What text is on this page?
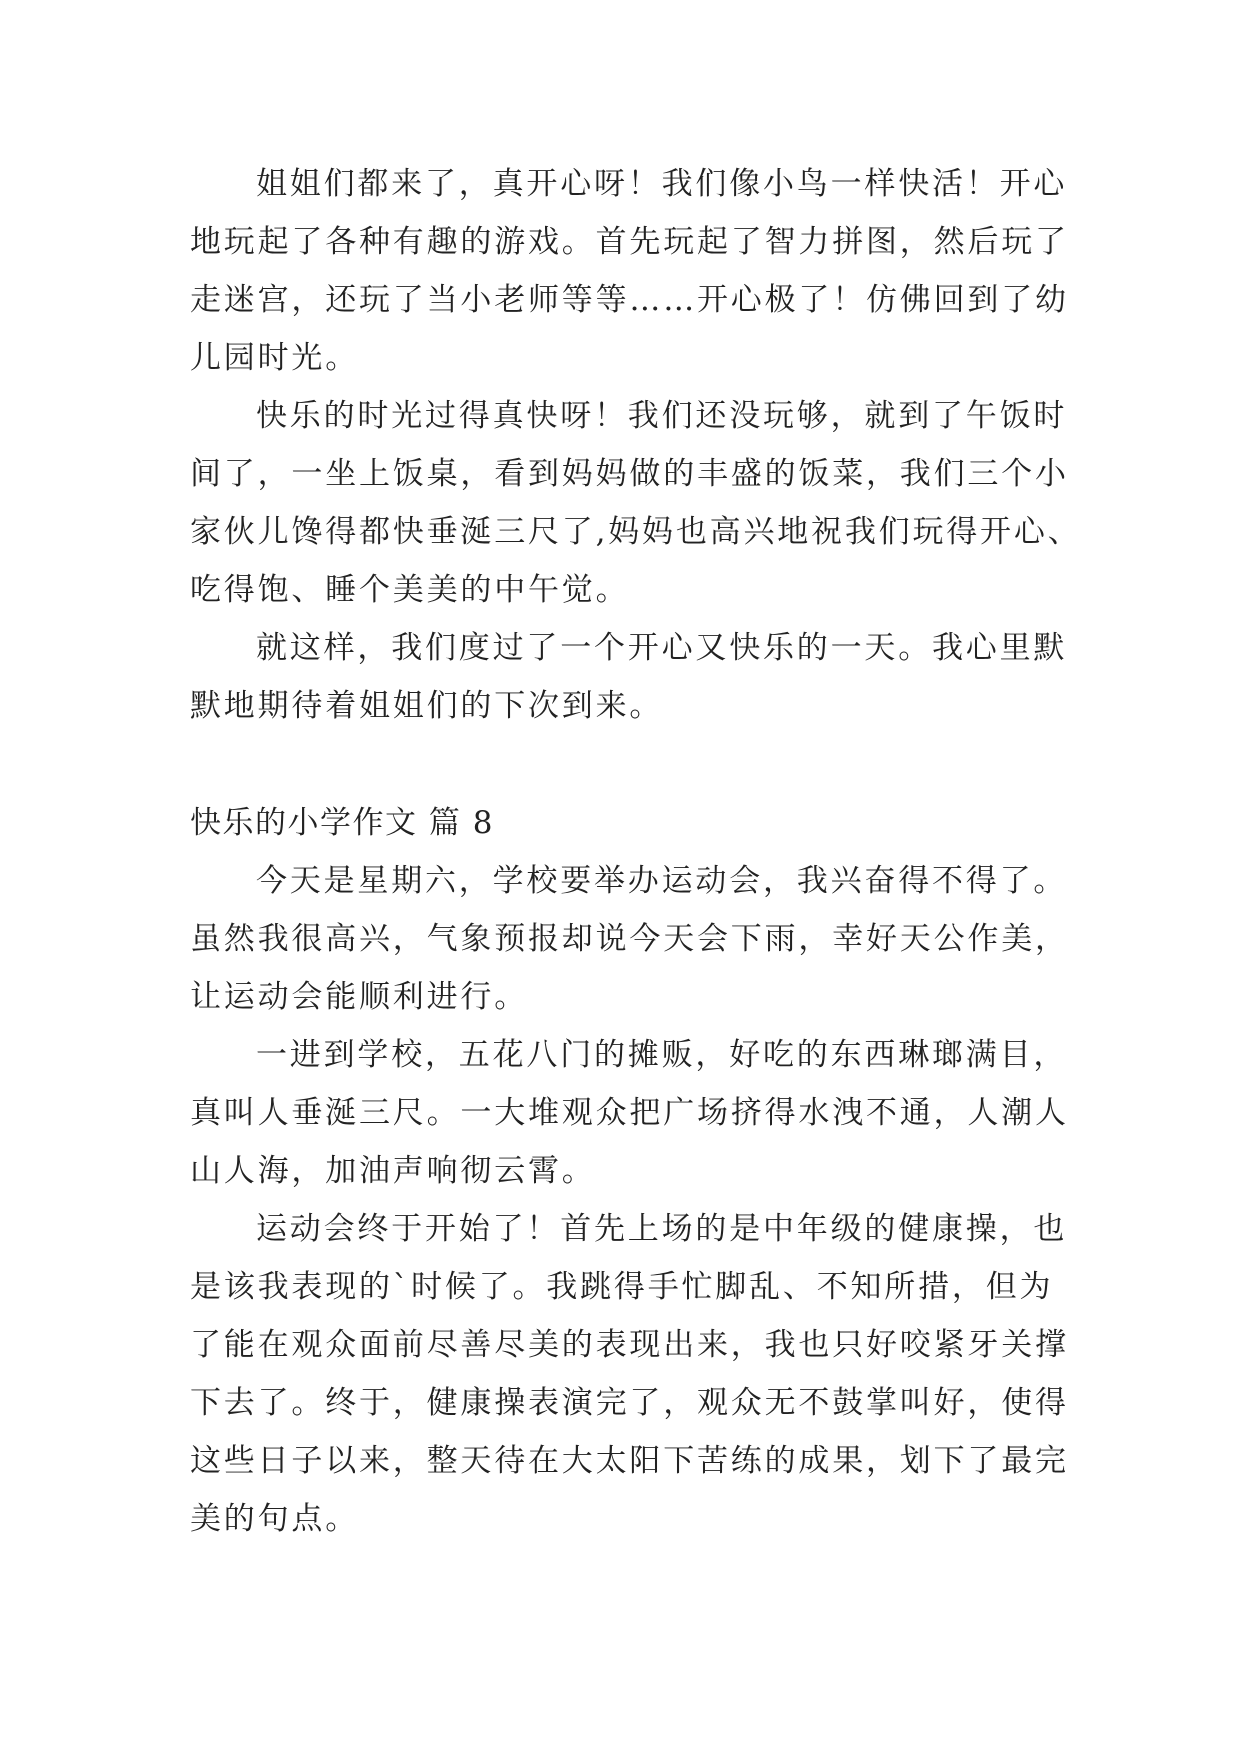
姐姐们都来了，真开心呀！我们像小鸟一样快活！开心
地玩起了各种有趣的游戏。首先玩起了智力拼图，然后玩了
走迷宫，还玩了当小老师等等……开心极了！仿佛回到了幼
儿园时光。
快乐的时光过得真快呀！我们还没玩够，就到了午饭时
间了，一坐上饭桌，看到妈妈做的丰盛的饭菜，我们三个小
家伙儿馋得都快垂涎三尺了,妈妈也高兴地祝我们玩得开心、
吃得饱、睡个美美的中午觉。
就这样，我们度过了一个开心又快乐的一天。我心里默
默地期待着姐姐们的下次到来。
快乐的小学作文 篇 8
今天是星期六，学校要举办运动会，我兴奋得不得了。
虽然我很高兴，气象预报却说今天会下雨，幸好天公作美，
让运动会能顺利进行。
一进到学校，五花八门的摊贩，好吃的东西琳瑯满目，
真叫人垂涎三尺。一大堆观众把广场挤得水洩不通，人潮人
山人海，加油声响彻云霄。
运动会终于开始了！首先上场的是中年级的健康操，也
是该我表现的`时候了。我跳得手忙脚乱、不知所措，但为
了能在观众面前尽善尽美的表现出来，我也只好咬紧牙关撑
下去了。终于，健康操表演完了，观众无不鼓掌叫好，使得
这些日子以来，整天待在大太阳下苦练的成果，划下了最完
美的句点。
